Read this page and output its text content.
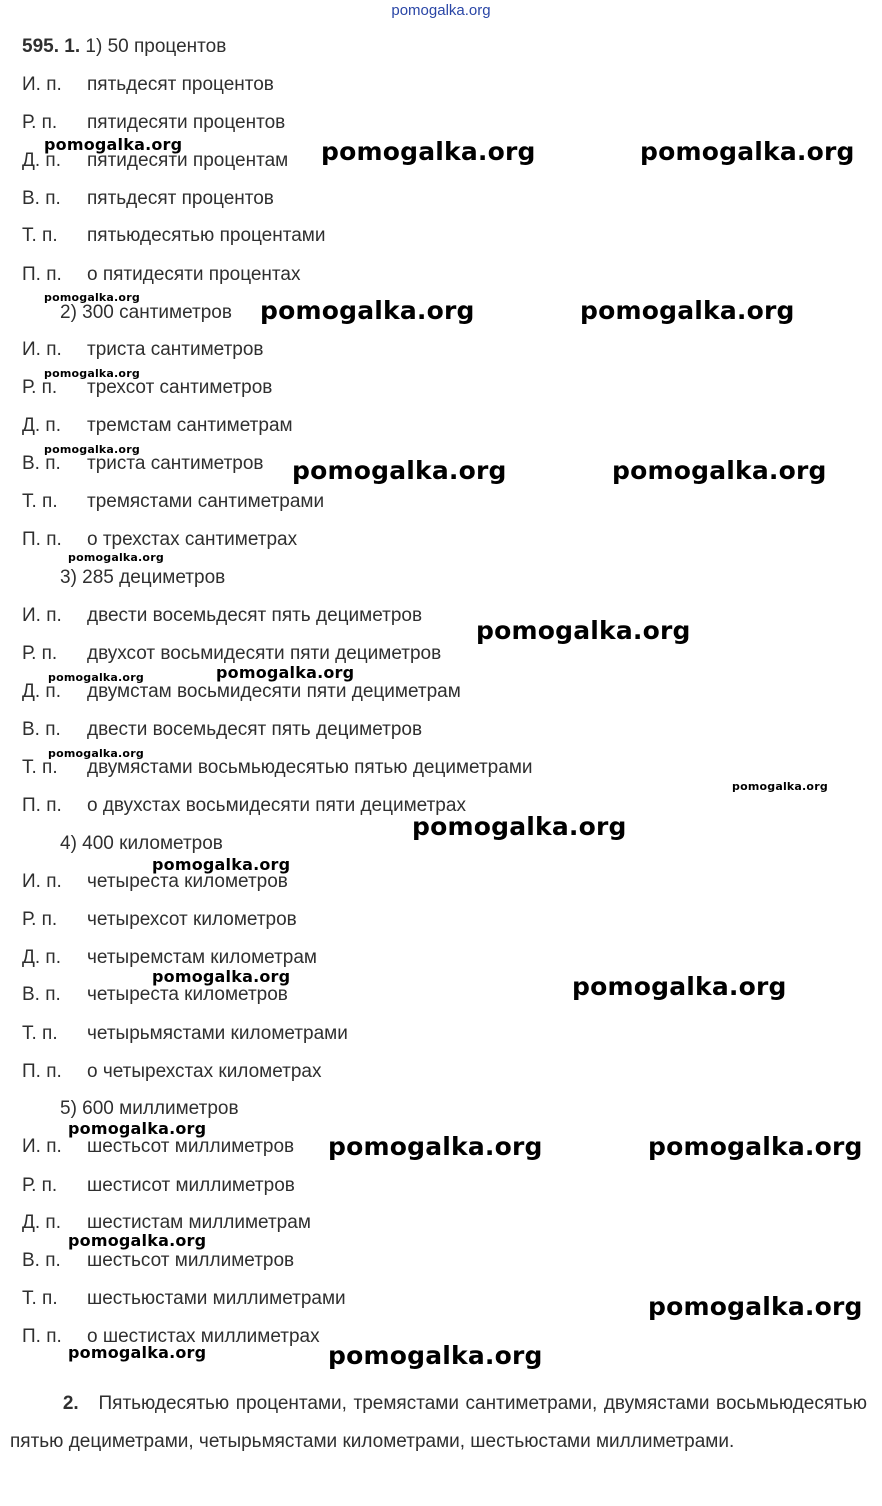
pomogalka.org
595. 1. 1) 50 процентов
И. п. пятьдесят процентов
Р. п. пятидесяти процентов
Д. п. пятидесяти процентам
В. п. пятьдесят процентов
Т. п. пятьюдесятью процентами
П. п. о пятидесяти процентах
2) 300 сантиметров
И. п. триста сантиметров
Р. п. трехсот сантиметров
Д. п. тремстам сантиметрам
В. п. триста сантиметров
Т. п. тремястами сантиметрами
П. п. о трехстах сантиметрах
3) 285 дециметров
И. п. двести восемьдесят пять дециметров
Р. п. двухсот восьмидесяти пяти дециметров
Д. п. двумстам восьмидесяти пяти дециметрам
В. п. двести восемьдесят пять дециметров
Т. п. двумястами восьмьюдесятью пятью дециметрами
П. п. о двухстах восьмидесяти пяти дециметрах
4) 400 километров
И. п. четыреста километров
Р. п. четырехсот километров
Д. п. четыремстам километрам
В. п. четыреста километров
Т. п. четырьмястами километрами
П. п. о четырехстах километрах
5) 600 миллиметров
И. п. шестьсот миллиметров
Р. п. шестисот миллиметров
Д. п. шестистам миллиметрам
В. п. шестьсот миллиметров
Т. п. шестьюстами миллиметрами
П. п. о шестистах миллиметрах
2. Пятьюдесятью процентами, тремястами сантиметрами, двумястами восьмьюдесятью пятью дециметрами, четырьмястами километрами, шестьюстами миллиметрами.
pomogalka.org	pomogalka.org
pomogalka.org	pomogalka.org
pomogalka.org	pomogalka.org
pomogalka.org
pomogalka.org
pomogalka.org
pomogalka.org	pomogalka.org
pomogalka.org
pomogalka.org
pomogalka.org
pomogalka.org
pomogalka.org
pomogalka.org
pomogalka.org
pomogalka.org
pomogalka.org
pomogalka.org
pomogalka.org
pomogalka.org
pomogalka.org
pomogalka.org
pomogalka.org
pomogalka.org
